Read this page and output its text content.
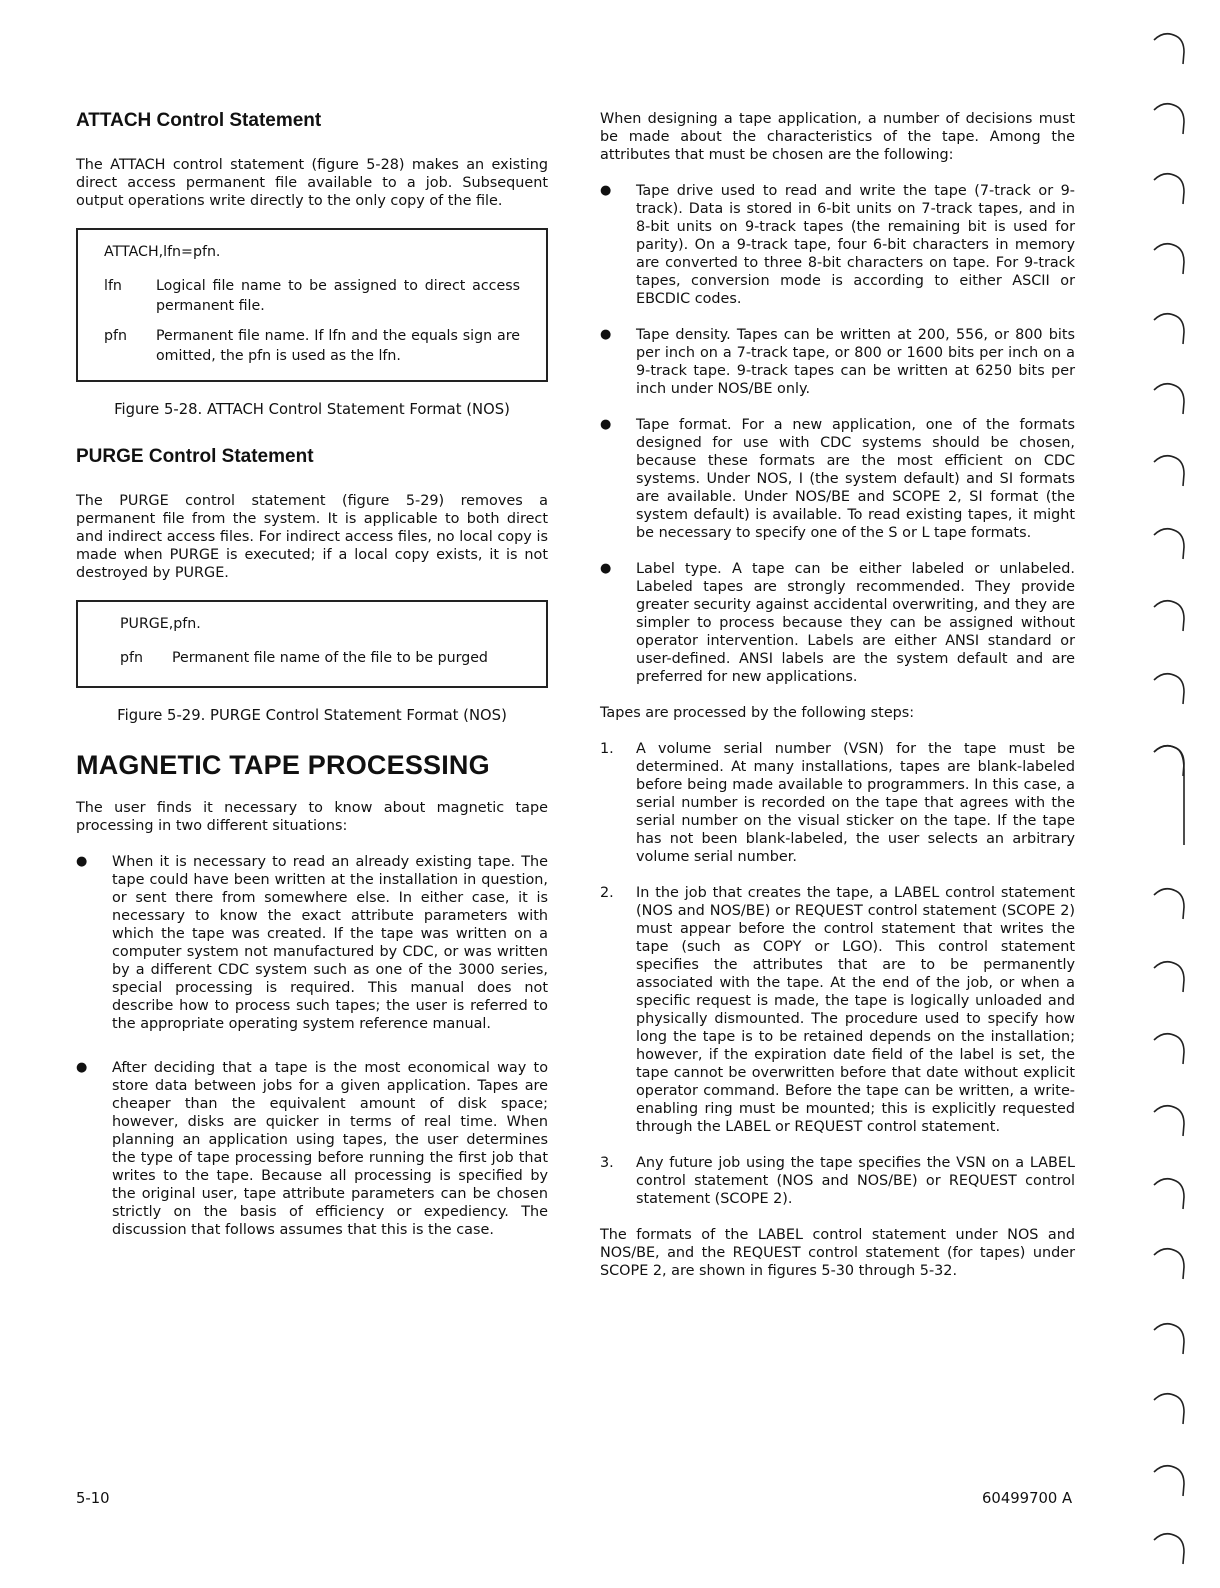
ATTACH Control Statement

The ATTACH control statement (figure 5-28) makes an existing direct access permanent file available to a job. Subsequent output operations write directly to the only copy of the file.

ATTACH,lfn=pfn.
lfn	Logical file name to be assigned to direct access permanent file.
pfn	Permanent file name. If lfn and the equals sign are omitted, the pfn is used as the lfn.
Figure 5-28. ATTACH Control Statement Format (NOS)
PURGE Control Statement

The PURGE control statement (figure 5-29) removes a permanent file from the system. It is applicable to both direct and indirect access files. For indirect access files, no local copy is made when PURGE is executed; if a local copy exists, it is not destroyed by PURGE.

PURGE,pfn.
pfn	Permanent file name of the file to be purged
Figure 5-29. PURGE Control Statement Format (NOS)
MAGNETIC TAPE PROCESSING

The user finds it necessary to know about magnetic tape processing in two different situations:

●	When it is necessary to read an already existing tape. The tape could have been written at the installation in question, or sent there from somewhere else. In either case, it is necessary to know the exact attribute parameters with which the tape was created. If the tape was written on a computer system not manufactured by CDC, or was written by a different CDC system such as one of the 3000 series, special processing is required. This manual does not describe how to process such tapes; the user is referred to the appropriate operating system reference manual.
●	After deciding that a tape is the most economical way to store data between jobs for a given application. Tapes are cheaper than the equivalent amount of disk space; however, disks are quicker in terms of real time. When planning an application using tapes, the user determines the type of tape processing before running the first job that writes to the tape. Because all processing is specified by the original user, tape attribute parameters can be chosen strictly on the basis of efficiency or expediency. The discussion that follows assumes that this is the case.

When designing a tape application, a number of decisions must be made about the characteristics of the tape. Among the attributes that must be chosen are the following:

●	Tape drive used to read and write the tape (7-track or 9-track). Data is stored in 6-bit units on 7-track tapes, and in 8-bit units on 9-track tapes (the remaining bit is used for parity). On a 9-track tape, four 6-bit characters in memory are converted to three 8-bit characters on tape. For 9-track tapes, conversion mode is according to either ASCII or EBCDIC codes.
●	Tape density. Tapes can be written at 200, 556, or 800 bits per inch on a 7-track tape, or 800 or 1600 bits per inch on a 9-track tape. 9-track tapes can be written at 6250 bits per inch under NOS/BE only.
●	Tape format. For a new application, one of the formats designed for use with CDC systems should be chosen, because these formats are the most efficient on CDC systems. Under NOS, I (the system default) and SI formats are available. Under NOS/BE and SCOPE 2, SI format (the system default) is available. To read existing tapes, it might be necessary to specify one of the S or L tape formats.
●	Label type. A tape can be either labeled or unlabeled. Labeled tapes are strongly recommended. They provide greater security against accidental overwriting, and they are simpler to process because they can be assigned without operator intervention. Labels are either ANSI standard or user-defined. ANSI labels are the system default and are preferred for new applications.

Tapes are processed by the following steps:

1.	A volume serial number (VSN) for the tape must be determined. At many installations, tapes are blank-labeled before being made available to programmers. In this case, a serial number is recorded on the tape that agrees with the serial number on the visual sticker on the tape. If the tape has not been blank-labeled, the user selects an arbitrary volume serial number.
2.	In the job that creates the tape, a LABEL control statement (NOS and NOS/BE) or REQUEST control statement (SCOPE 2) must appear before the control statement that writes the tape (such as COPY or LGO). This control statement specifies the attributes that are to be permanently associated with the tape. At the end of the job, or when a specific request is made, the tape is logically unloaded and physically dismounted. The procedure used to specify how long the tape is to be retained depends on the installation; however, if the expiration date field of the label is set, the tape cannot be overwritten before that date without explicit operator command. Before the tape can be written, a write-enabling ring must be mounted; this is explicitly requested through the LABEL or REQUEST control statement.
3.	Any future job using the tape specifies the VSN on a LABEL control statement (NOS and NOS/BE) or REQUEST control statement (SCOPE 2).

The formats of the LABEL control statement under NOS and NOS/BE, and the REQUEST control statement (for tapes) under SCOPE 2, are shown in figures 5-30 through 5-32.

5-10	60499700 A
